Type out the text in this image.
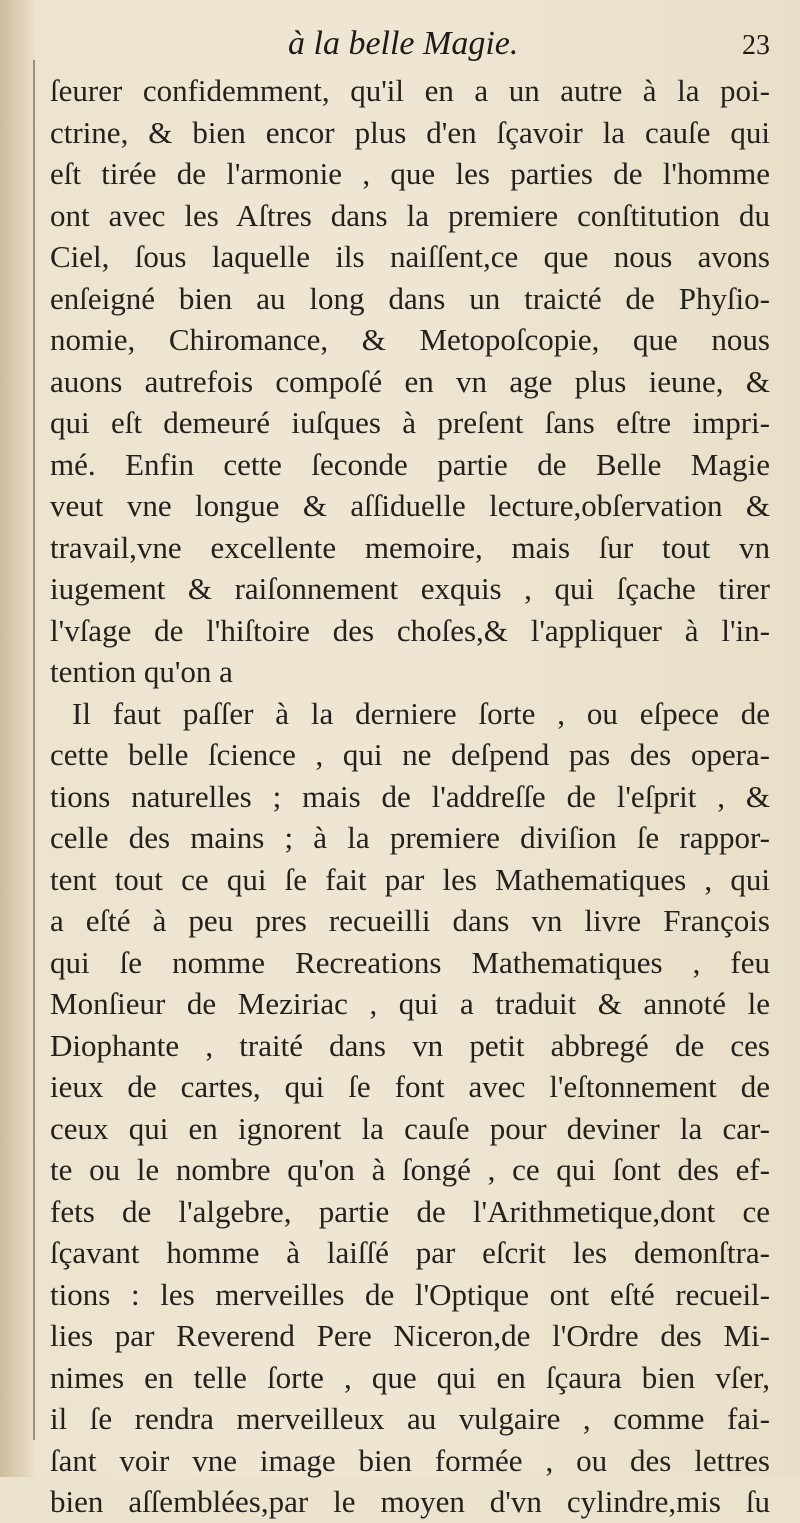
à la belle Magie.	23
ſeurer confidemment, qu'il en a un autre à la poi-
ctrine, & bien encor plus d'en ſçavoir la cauſe qui
eſt tirée de l'armonie , que les parties de l'homme
ont avec les Aſtres dans la premiere conſtitution du
Ciel, ſous laquelle ils naiſſent,ce que nous avons
enſeigné bien au long dans un traicté de Phyſio-
nomie, Chiromance, & Metopoſcopie, que nous
auons autrefois compoſé en vn age plus ieune, &
qui eſt demeuré iuſques à preſent ſans eſtre impri-
mé. Enfin cette ſeconde partie de Belle Magie
veut vne longue & aſſiduelle lecture,obſervation &
travail,vne excellente memoire, mais ſur tout vn
iugement & raiſonnement exquis , qui ſçache tirer
l'vſage de l'hiſtoire des choſes,& l'appliquer à l'in-
tention qu'on a
Il faut paſſer à la derniere ſorte , ou eſpece de
cette belle ſcience , qui ne deſpend pas des opera-
tions naturelles ; mais de l'addreſſe de l'eſprit , &
celle des mains ; à la premiere diviſion ſe rappor-
tent tout ce qui ſe fait par les Mathematiques , qui
a eſté à peu pres recueilli dans vn livre François
qui ſe nomme Recreations Mathematiques , feu
Monſieur de Meziriac , qui a traduit & annoté le
Diophante , traité dans vn petit abbregé de ces
ieux de cartes, qui ſe font avec l'eſtonnement de
ceux qui en ignorent la cauſe pour deviner la car-
te ou le nombre qu'on à ſongé , ce qui ſont des ef-
fets de l'algebre, partie de l'Arithmetique,dont ce
ſçavant homme à laiſſé par eſcrit les demonſtra-
tions : les merveilles de l'Optique ont eſté recueil-
lies par Reverend Pere Niceron,de l'Ordre des Mi-
nimes en telle ſorte , que qui en ſçaura bien vſer,
il ſe rendra merveilleux au vulgaire , comme fai-
ſant voir vne image bien formée , ou des lettres
bien aſſemblées,par le moyen d'vn cylindre,mis ſu
